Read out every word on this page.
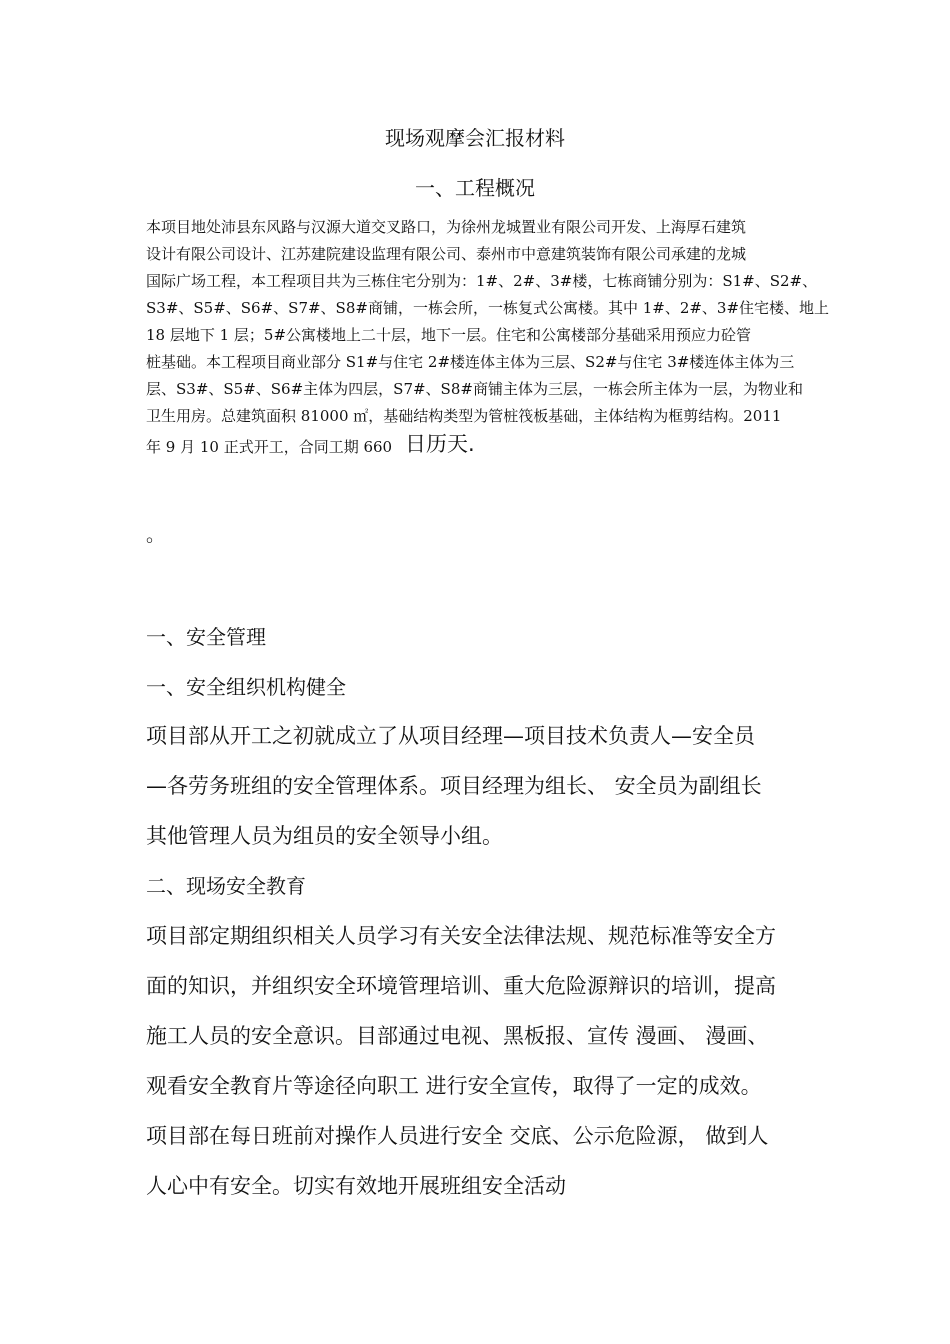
现场观摩会汇报材料
一、工程概况
本项目地处沛县东风路与汉源大道交叉路口，为徐州龙城置业有限公司开发、上海厚石建筑
设计有限公司设计、江苏建院建设监理有限公司、泰州市中意建筑装饰有限公司承建的龙城
国际广场工程，本工程项目共为三栋住宅分别为：1#、2#、3#楼，七栋商铺分别为：S1#、S2#、
S3#、S5#、S6#、S7#、S8#商铺，一栋会所，一栋复式公寓楼。其中 1#、2#、3#住宅楼、地上
18 层地下 1 层；5#公寓楼地上二十层，地下一层。住宅和公寓楼部分基础采用预应力砼管
桩基础。本工程项目商业部分 S1#与住宅 2#楼连体主体为三层、S2#与住宅 3#楼连体主体为三
层、S3#、S5#、S6#主体为四层，S7#、S8#商铺主体为三层，一栋会所主体为一层，为物业和
卫生用房。总建筑面积 81000 ㎡，基础结构类型为管桩筏板基础，主体结构为框剪结构。2011
年 9 月 10 正式开工，合同工期 660 日历天.
。
一、安全管理
一、安全组织机构健全
项目部从开工之初就成立了从项目经理—项目技术负责人—安全员
—各劳务班组的安全管理体系。项目经理为组长、 安全员为副组长
其他管理人员为组员的安全领导小组。
二、现场安全教育
项目部定期组织相关人员学习有关安全法律法规、规范标准等安全方
面的知识，并组织安全环境管理培训、重大危险源辩识的培训，提高
施工人员的安全意识。目部通过电视、黑板报、宣传 漫画、 漫画、
观看安全教育片等途径向职工 进行安全宣传，取得了一定的成效。
项目部在每日班前对操作人员进行安全 交底、公示危险源， 做到人
人心中有安全。切实有效地开展班组安全活动
